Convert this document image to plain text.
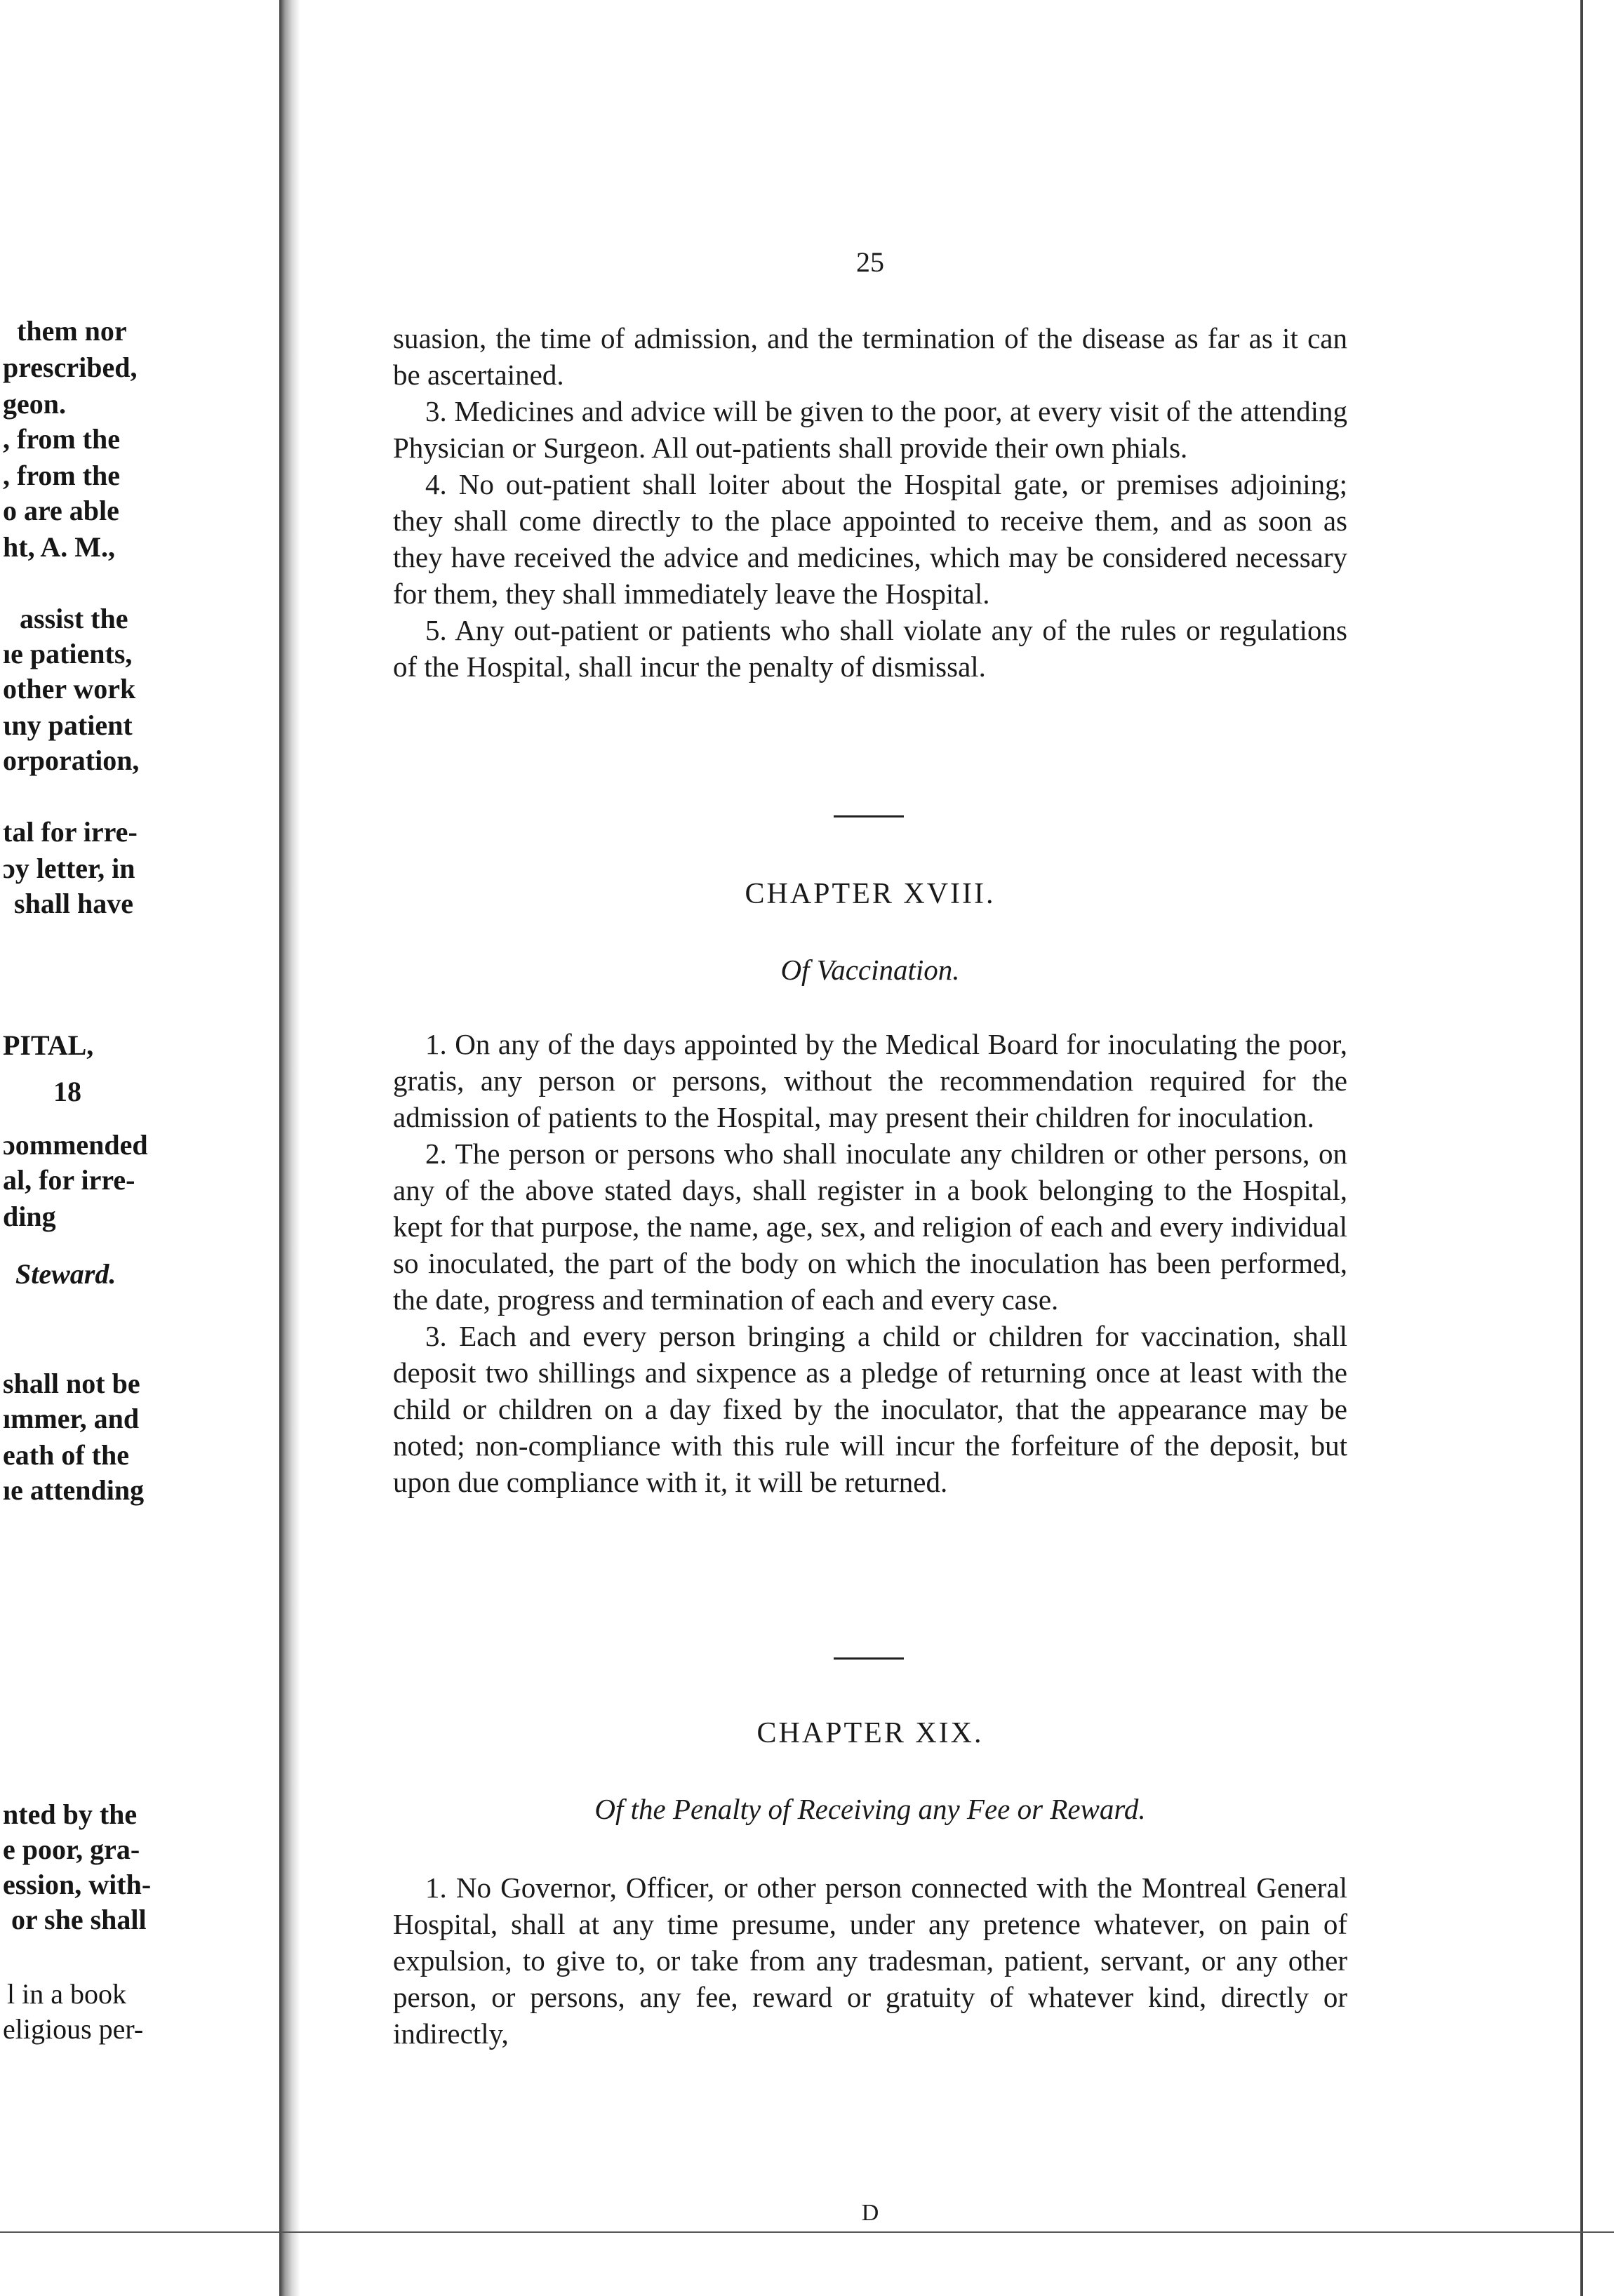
them nor
prescribed,
geon.
, from the
, from the
o are able
ht, A. M.,
assist the
ıe patients,
other work
ɩny patient
orporation,
tal for irre-
ɔy letter, in
shall have
PITAL,
18
ɔommended
al, for irre-
ding
Steward.
shall not be
ımmer, and
eath of the
ıe attending
nted by the
e poor, gra-
ession, with-
or she shall
l in a book
eligious per-
25

suasion, the time of admission, and the termination of the disease as far as it can be ascertained.

3. Medicines and advice will be given to the poor, at every visit of the attending Physician or Surgeon. All out-patients shall provide their own phials.

4. No out-patient shall loiter about the Hospital gate, or premises adjoining; they shall come directly to the place appointed to receive them, and as soon as they have received the advice and medicines, which may be considered necessary for them, they shall immediately leave the Hospital.

5. Any out-patient or patients who shall violate any of the rules or regulations of the Hospital, shall incur the penalty of dismissal.

CHAPTER XVIII.
Of Vaccination.

1. On any of the days appointed by the Medical Board for inoculating the poor, gratis, any person or persons, without the recommendation required for the admission of patients to the Hospital, may present their children for inoculation.

2. The person or persons who shall inoculate any children or other persons, on any of the above stated days, shall register in a book belonging to the Hospital, kept for that purpose, the name, age, sex, and religion of each and every individual so inoculated, the part of the body on which the inoculation has been performed, the date, progress and termination of each and every case.

3. Each and every person bringing a child or children for vaccination, shall deposit two shillings and sixpence as a pledge of returning once at least with the child or children on a day fixed by the inoculator, that the appearance may be noted; non-compliance with this rule will incur the forfeiture of the deposit, but upon due compliance with it, it will be returned.

CHAPTER XIX.
Of the Penalty of Receiving any Fee or Reward.

1. No Governor, Officer, or other person connected with the Montreal General Hospital, shall at any time presume, under any pretence whatever, on pain of expulsion, to give to, or take from any tradesman, patient, servant, or any other person, or persons, any fee, reward or gratuity of whatever kind, directly or indirectly,

D
